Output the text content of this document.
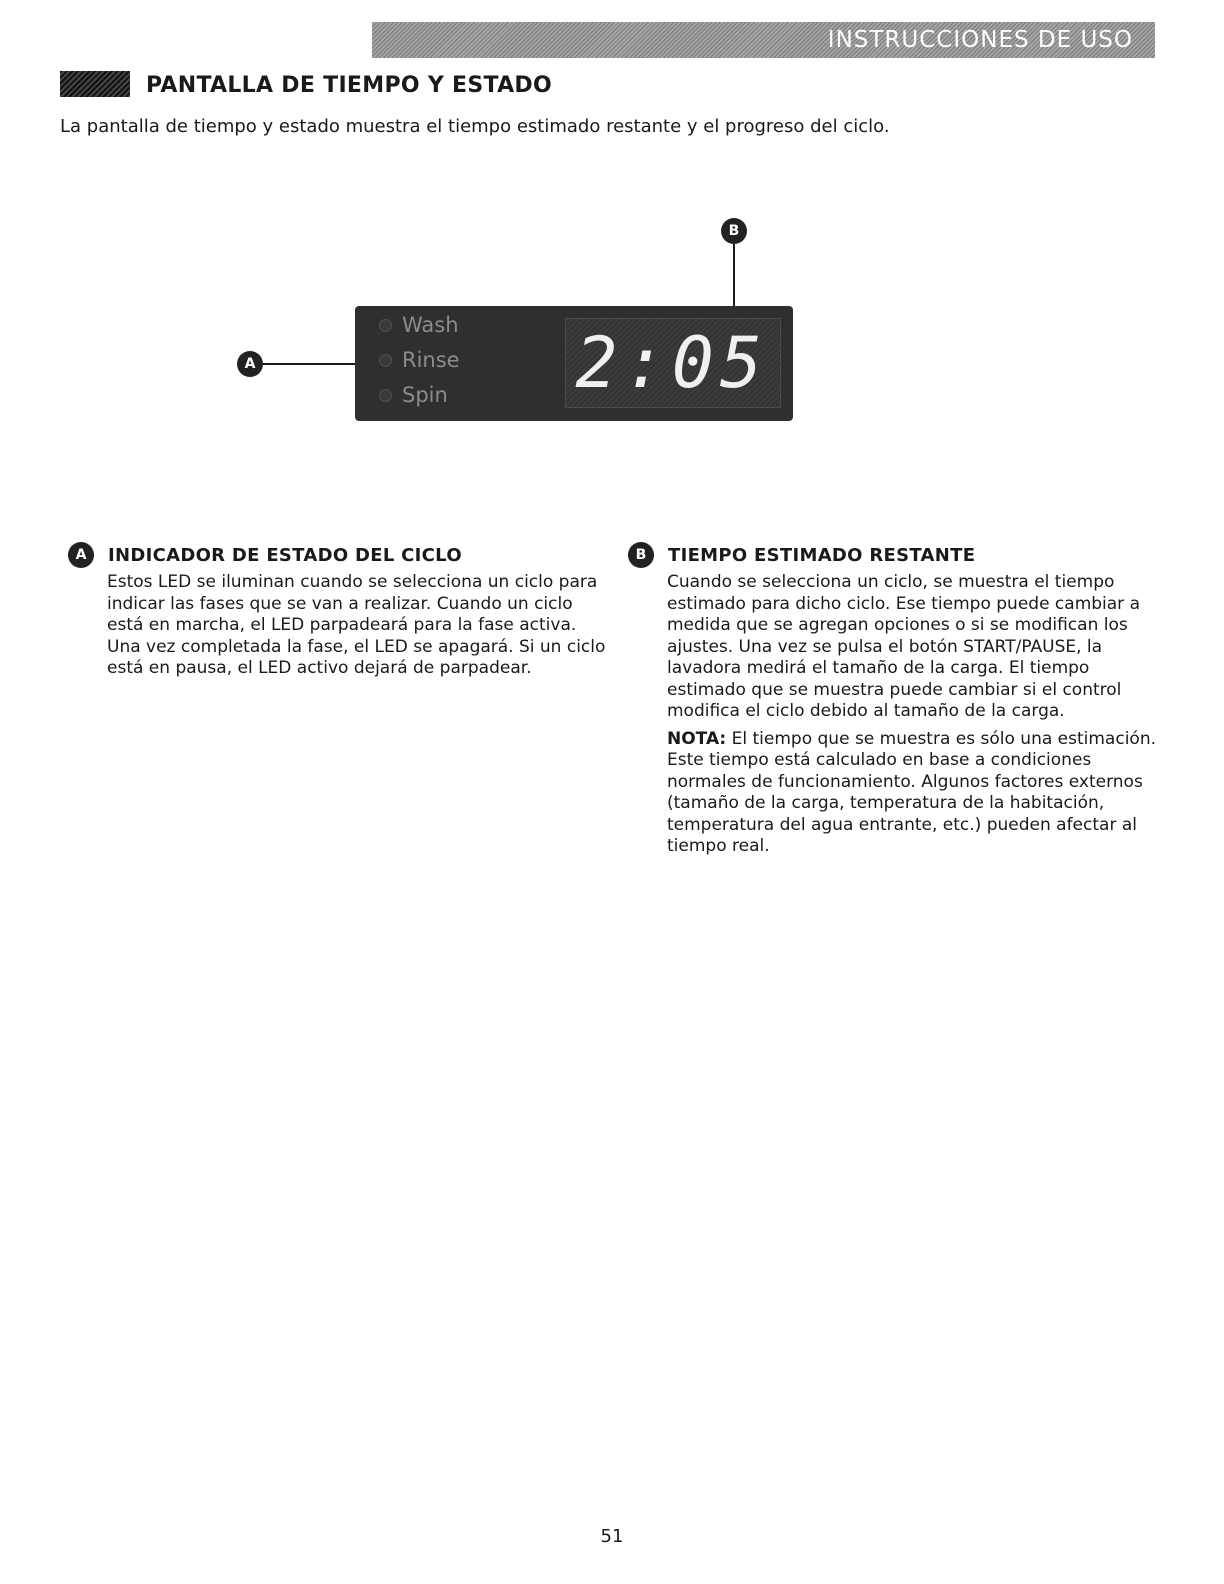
INSTRUCCIONES DE USO
PANTALLA DE TIEMPO Y ESTADO

La pantalla de tiempo y estado muestra el tiempo estimado restante y el progreso del ciclo.

B
A
Wash
Rinse
Spin 2:05
A	INDICADOR DE ESTADO DEL CICLO

Estos LED se iluminan cuando se selecciona un ciclo para indicar las fases que se van a realizar. Cuando un ciclo está en marcha, el LED parpadeará para la fase activa. Una vez completada la fase, el LED se apagará. Si un ciclo está en pausa, el LED activo dejará de parpadear.

B	TIEMPO ESTIMADO RESTANTE

Cuando se selecciona un ciclo, se muestra el tiempo estimado para dicho ciclo. Ese tiempo puede cambiar a medida que se agregan opciones o si se modifican los ajustes. Una vez se pulsa el botón START/PAUSE, la lavadora medirá el tamaño de la carga. El tiempo estimado que se muestra puede cambiar si el control modifica el ciclo debido al tamaño de la carga.

NOTA: El tiempo que se muestra es sólo una estimación. Este tiempo está calculado en base a condiciones normales de funcionamiento. Algunos factores externos (tamaño de la carga, temperatura de la habitación, temperatura del agua entrante, etc.) pueden afectar al tiempo real.

51
